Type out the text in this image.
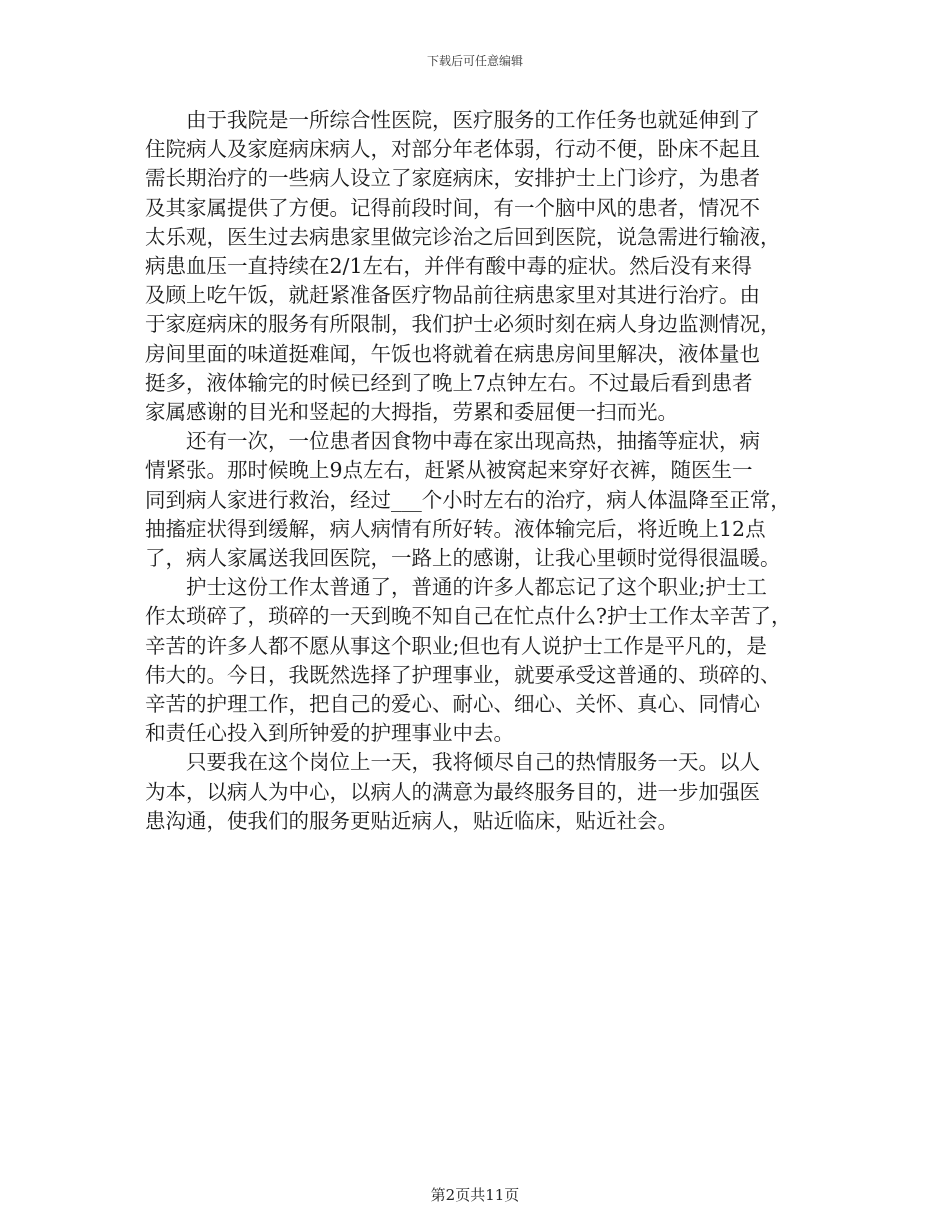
下载后可任意编辑
由于我院是一所综合性医院，医疗服务的工作任务也就延伸到了
住院病人及家庭病床病人，对部分年老体弱，行动不便，卧床不起且
需长期治疗的一些病人设立了家庭病床，安排护士上门诊疗，为患者
及其家属提供了方便。记得前段时间，有一个脑中风的患者，情况不
太乐观，医生过去病患家里做完诊治之后回到医院，说急需进行输液，
病患血压一直持续在2/1左右，并伴有酸中毒的症状。然后没有来得
及顾上吃午饭，就赶紧准备医疗物品前往病患家里对其进行治疗。由
于家庭病床的服务有所限制，我们护士必须时刻在病人身边监测情况，
房间里面的味道挺难闻，午饭也将就着在病患房间里解决，液体量也
挺多，液体输完的时候已经到了晚上7点钟左右。不过最后看到患者
家属感谢的目光和竖起的大拇指，劳累和委屈便一扫而光。
还有一次，一位患者因食物中毒在家出现高热，抽搐等症状，病
情紧张。那时候晚上9点左右，赶紧从被窝起来穿好衣裤，随医生一
同到病人家进行救治，经过___个小时左右的治疗，病人体温降至正常，
抽搐症状得到缓解，病人病情有所好转。液体输完后，将近晚上12点
了，病人家属送我回医院，一路上的感谢，让我心里顿时觉得很温暖。
护士这份工作太普通了，普通的许多人都忘记了这个职业;护士工
作太琐碎了，琐碎的一天到晚不知自己在忙点什么?护士工作太辛苦了，
辛苦的许多人都不愿从事这个职业;但也有人说护士工作是平凡的，是
伟大的。今日，我既然选择了护理事业，就要承受这普通的、琐碎的、
辛苦的护理工作，把自己的爱心、耐心、细心、关怀、真心、同情心
和责任心投入到所钟爱的护理事业中去。
只要我在这个岗位上一天，我将倾尽自己的热情服务一天。以人
为本，以病人为中心，以病人的满意为最终服务目的，进一步加强医
患沟通，使我们的服务更贴近病人，贴近临床，贴近社会。
第2页共11页
